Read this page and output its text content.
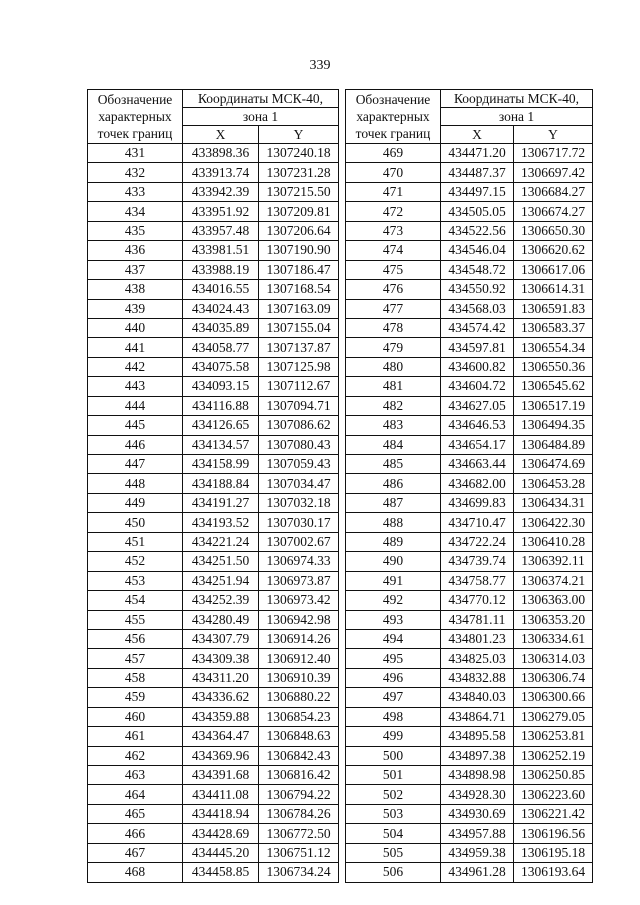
339
Обозначение
характерных
точек границ	Координаты МСК-40,	
	зона 1	
	X	Y
431	433898.36	1307240.18
432	433913.74	1307231.28
433	433942.39	1307215.50
434	433951.92	1307209.81
435	433957.48	1307206.64
436	433981.51	1307190.90
437	433988.19	1307186.47
438	434016.55	1307168.54
439	434024.43	1307163.09
440	434035.89	1307155.04
441	434058.77	1307137.87
442	434075.58	1307125.98
443	434093.15	1307112.67
444	434116.88	1307094.71
445	434126.65	1307086.62
446	434134.57	1307080.43
447	434158.99	1307059.43
448	434188.84	1307034.47
449	434191.27	1307032.18
450	434193.52	1307030.17
451	434221.24	1307002.67
452	434251.50	1306974.33
453	434251.94	1306973.87
454	434252.39	1306973.42
455	434280.49	1306942.98
456	434307.79	1306914.26
457	434309.38	1306912.40
458	434311.20	1306910.39
459	434336.62	1306880.22
460	434359.88	1306854.23
461	434364.47	1306848.63
462	434369.96	1306842.43
463	434391.68	1306816.42
464	434411.08	1306794.22
465	434418.94	1306784.26
466	434428.69	1306772.50
467	434445.20	1306751.12
468	434458.85	1306734.24
Обозначение
характерных
точек границ	Координаты МСК-40,	
	зона 1	
	X	Y
469	434471.20	1306717.72
470	434487.37	1306697.42
471	434497.15	1306684.27
472	434505.05	1306674.27
473	434522.56	1306650.30
474	434546.04	1306620.62
475	434548.72	1306617.06
476	434550.92	1306614.31
477	434568.03	1306591.83
478	434574.42	1306583.37
479	434597.81	1306554.34
480	434600.82	1306550.36
481	434604.72	1306545.62
482	434627.05	1306517.19
483	434646.53	1306494.35
484	434654.17	1306484.89
485	434663.44	1306474.69
486	434682.00	1306453.28
487	434699.83	1306434.31
488	434710.47	1306422.30
489	434722.24	1306410.28
490	434739.74	1306392.11
491	434758.77	1306374.21
492	434770.12	1306363.00
493	434781.11	1306353.20
494	434801.23	1306334.61
495	434825.03	1306314.03
496	434832.88	1306306.74
497	434840.03	1306300.66
498	434864.71	1306279.05
499	434895.58	1306253.81
500	434897.38	1306252.19
501	434898.98	1306250.85
502	434928.30	1306223.60
503	434930.69	1306221.42
504	434957.88	1306196.56
505	434959.38	1306195.18
506	434961.28	1306193.64
